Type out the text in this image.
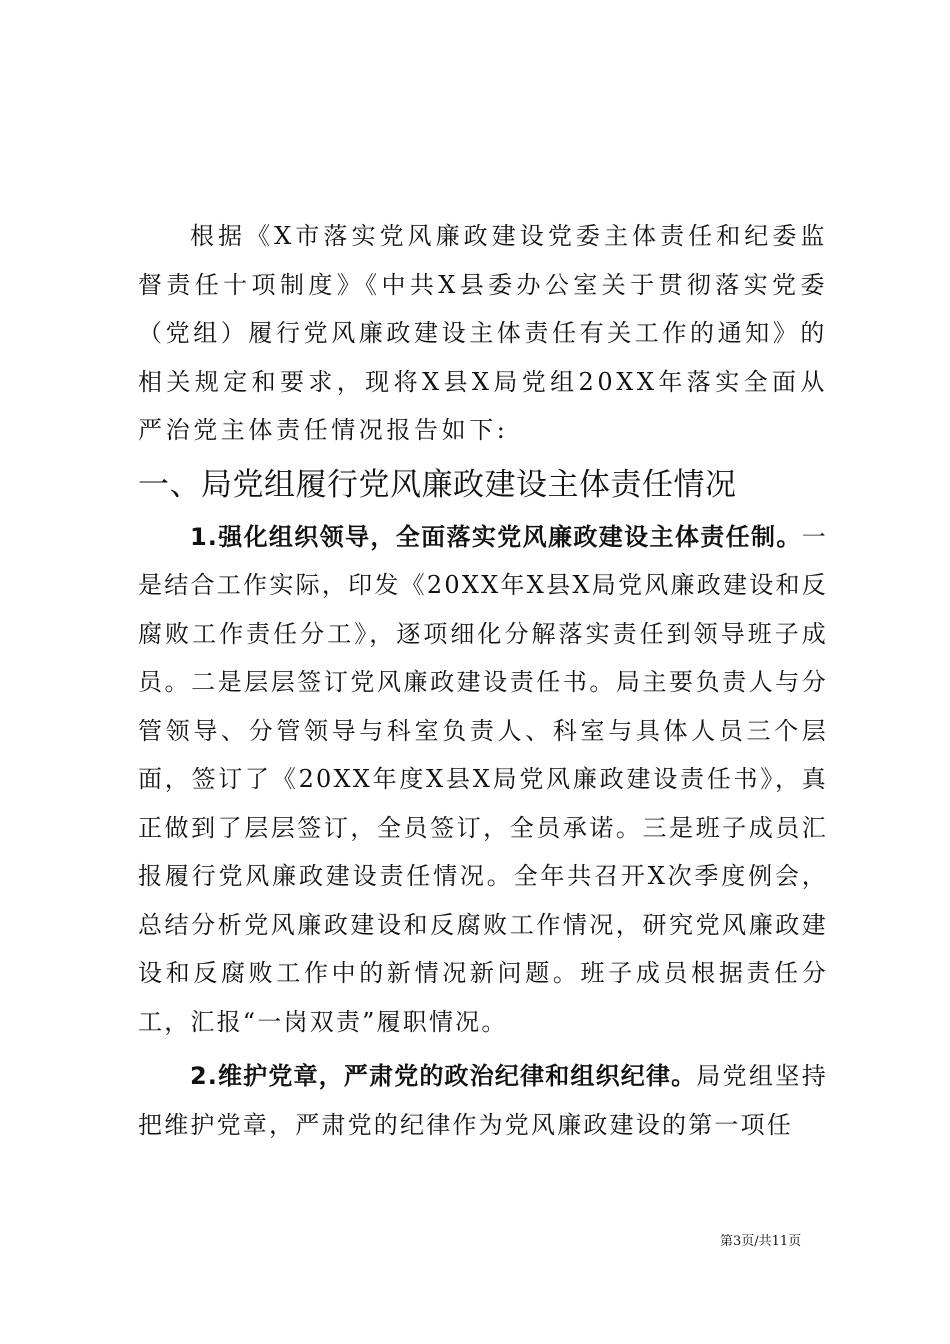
根据《X市落实党风廉政建设党委主体责任和纪委监督责任十项制度》《中共X县委办公室关于贯彻落实党委（党组）履行党风廉政建设主体责任有关工作的通知》的相关规定和要求，现将X县X局党组20XX年落实全面从严治党主体责任情况报告如下:

一、局党组履行党风廉政建设主体责任情况

1.强化组织领导，全面落实党风廉政建设主体责任制。一是结合工作实际，印发《20XX年X县X局党风廉政建设和反腐败工作责任分工》，逐项细化分解落实责任到领导班子成员。二是层层签订党风廉政建设责任书。局主要负责人与分管领导、分管领导与科室负责人、科室与具体人员三个层面，签订了《20XX年度X县X局党风廉政建设责任书》，真正做到了层层签订，全员签订，全员承诺。三是班子成员汇报履行党风廉政建设责任情况。全年共召开X次季度例会，总结分析党风廉政建设和反腐败工作情况，研究党风廉政建设和反腐败工作中的新情况新问题。班子成员根据责任分工，汇报“一岗双责”履职情况。

2.维护党章，严肃党的政治纪律和组织纪律。局党组坚持把维护党章，严肃党的纪律作为党风廉政建设的第一项任

第3页/共11页
